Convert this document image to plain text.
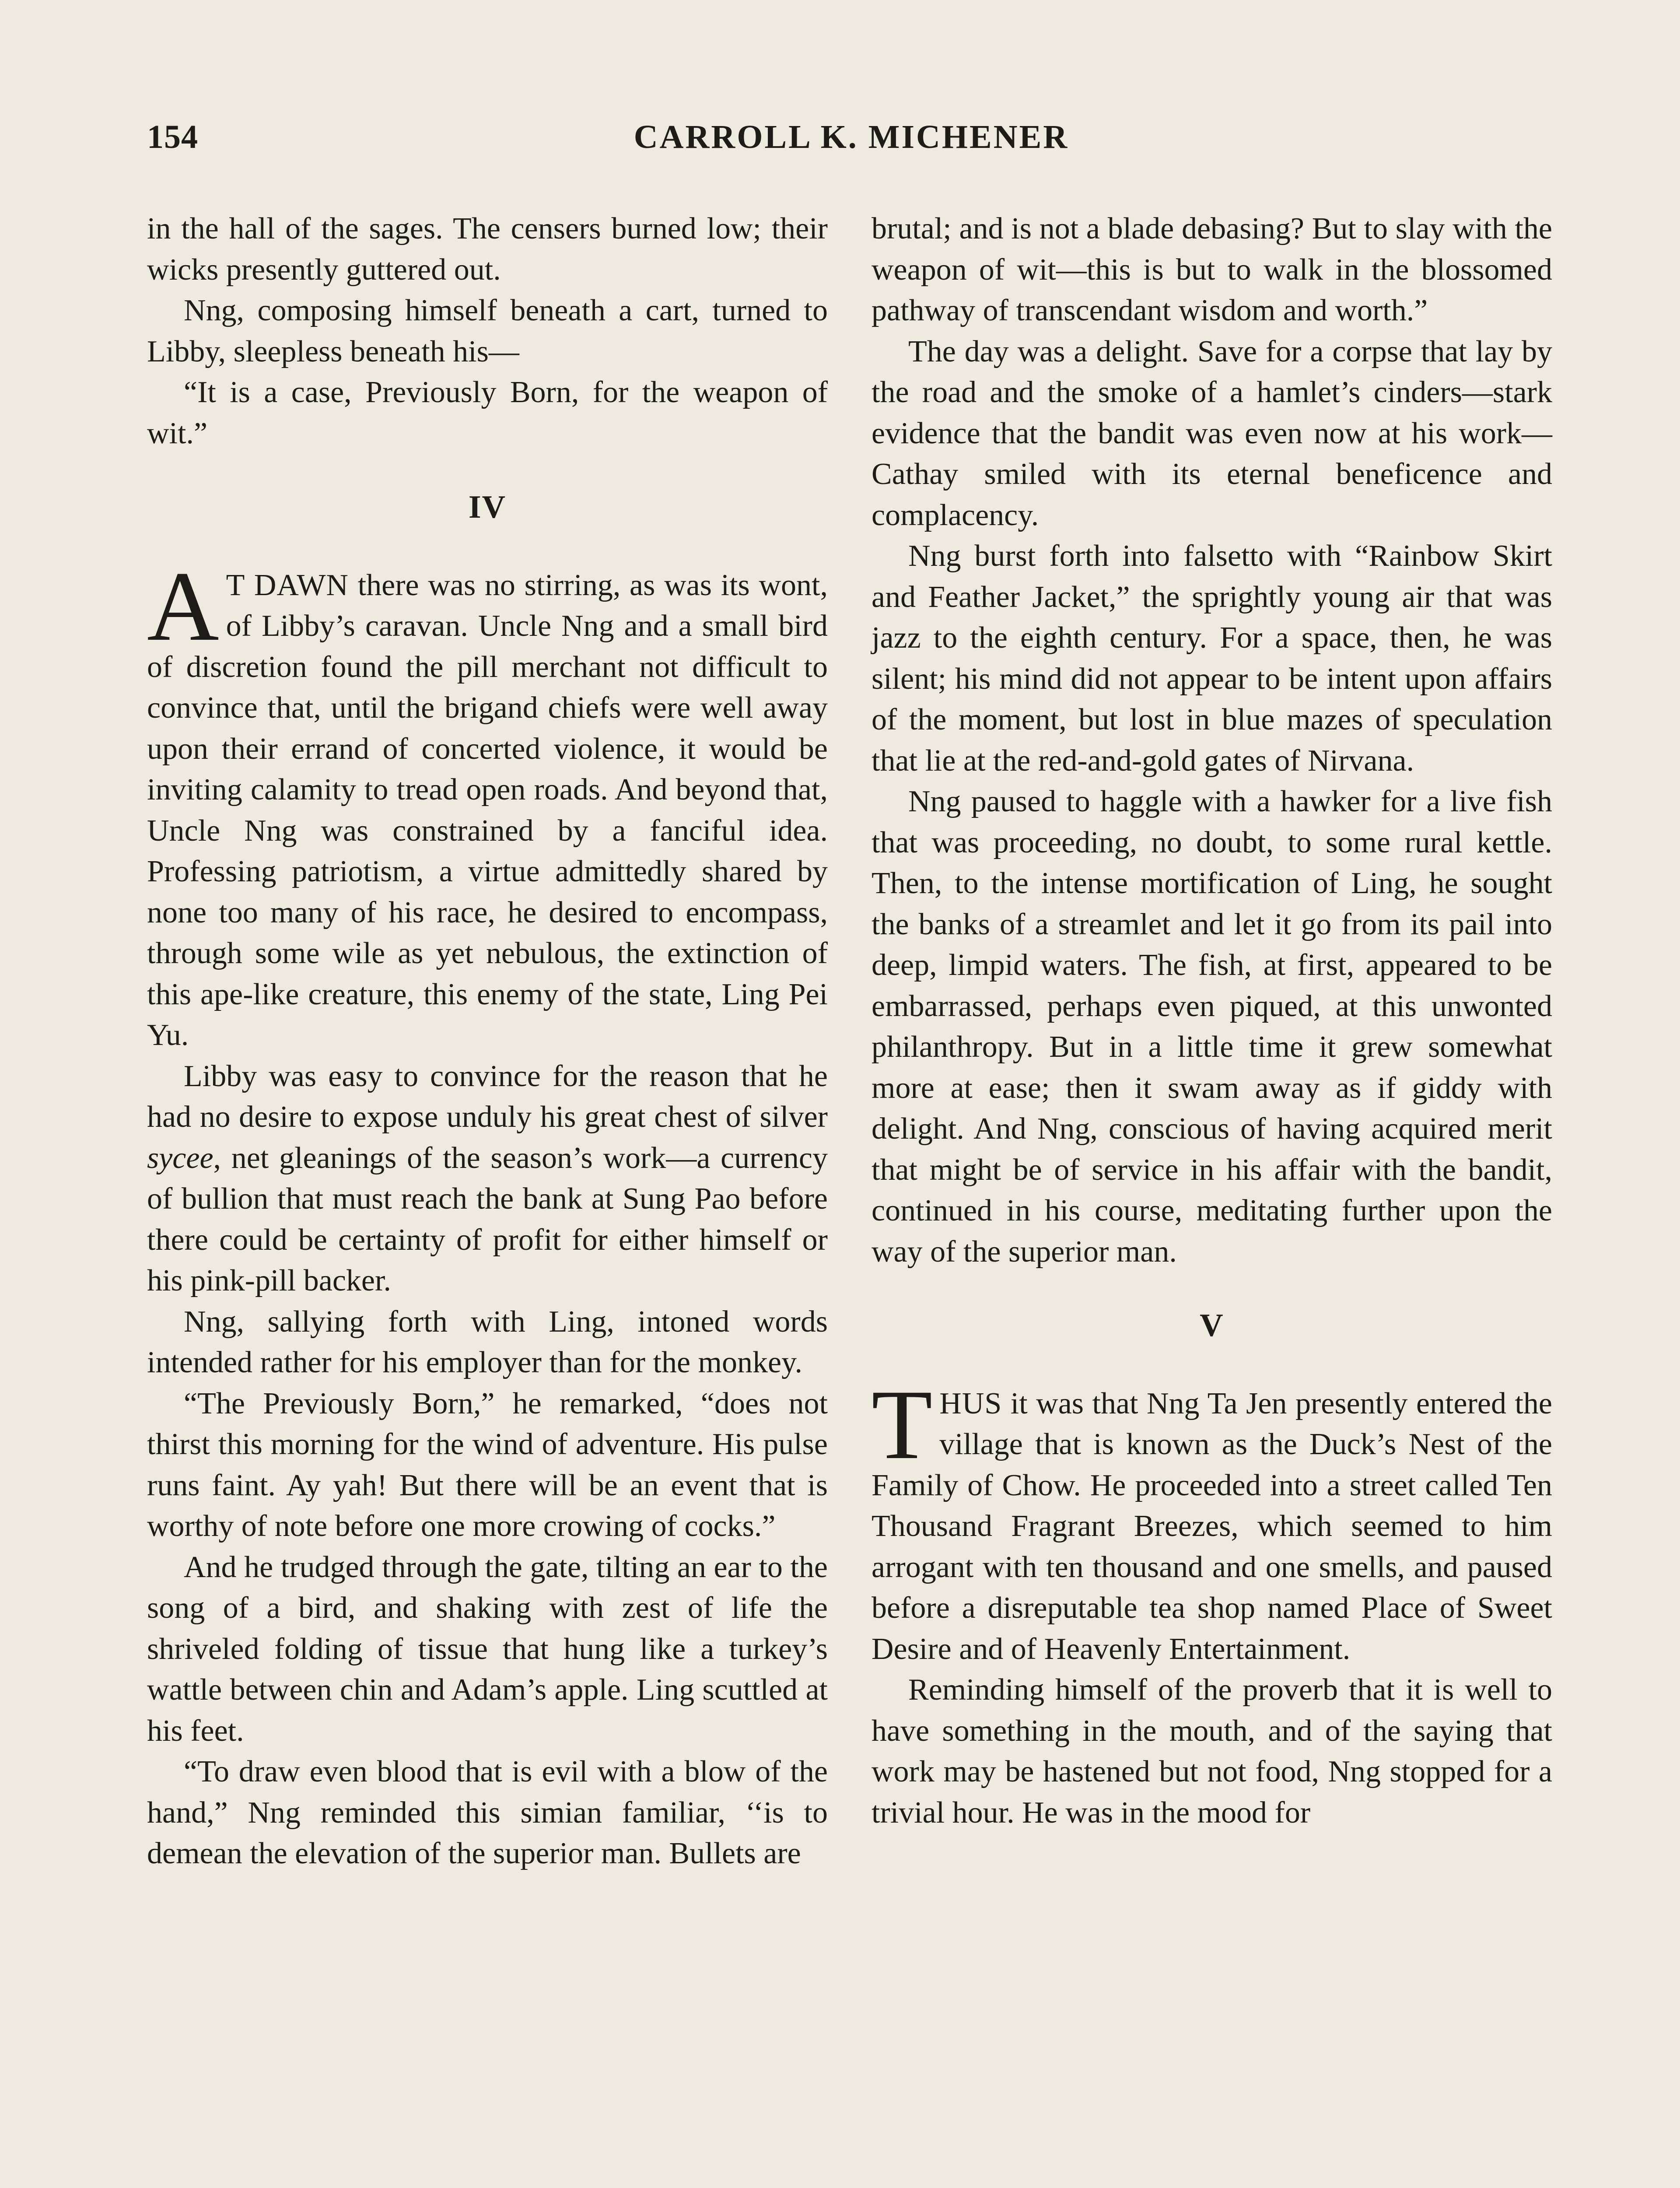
154	CARROLL K. MICHENER

in the hall of the sages. The censers burned low; their wicks presently guttered out.

Nng, composing himself beneath a cart, turned to Libby, sleepless beneath his—

“It is a case, Previously Born, for the weapon of wit.”

IV

A T DAWN there was no stirring, as was its wont, of Libby’s caravan. Uncle Nng and a small bird of discretion found the pill merchant not difficult to convince that, until the brigand chiefs were well away upon their errand of concerted violence, it would be inviting calamity to tread open roads. And beyond that, Uncle Nng was constrained by a fanciful idea. Professing patriotism, a virtue admittedly shared by none too many of his race, he desired to encompass, through some wile as yet nebulous, the extinction of this ape-like creature, this enemy of the state, Ling Pei Yu.

Libby was easy to convince for the reason that he had no desire to expose unduly his great chest of silver sycee, net gleanings of the season’s work—a currency of bullion that must reach the bank at Sung Pao before there could be certainty of profit for either himself or his pink-pill backer.

Nng, sallying forth with Ling, intoned words intended rather for his employer than for the monkey.

“The Previously Born,” he remarked, “does not thirst this morning for the wind of adventure. His pulse runs faint. Ay yah! But there will be an event that is worthy of note before one more crowing of cocks.”

And he trudged through the gate, tilting an ear to the song of a bird, and shaking with zest of life the shriveled folding of tissue that hung like a turkey’s wattle between chin and Adam’s apple. Ling scuttled at his feet.

“To draw even blood that is evil with a blow of the hand,” Nng reminded this simian familiar, ‘‘is to demean the elevation of the superior man. Bullets are

brutal; and is not a blade debasing? But to slay with the weapon of wit—this is but to walk in the blossomed pathway of transcendant wisdom and worth.”

The day was a delight. Save for a corpse that lay by the road and the smoke of a hamlet’s cinders—stark evidence that the bandit was even now at his work—Cathay smiled with its eternal beneficence and complacency.

Nng burst forth into falsetto with “Rainbow Skirt and Feather Jacket,” the sprightly young air that was jazz to the eighth century. For a space, then, he was silent; his mind did not appear to be intent upon affairs of the moment, but lost in blue mazes of speculation that lie at the red-and-gold gates of Nirvana.

Nng paused to haggle with a hawker for a live fish that was proceeding, no doubt, to some rural kettle. Then, to the intense mortification of Ling, he sought the banks of a streamlet and let it go from its pail into deep, limpid waters. The fish, at first, appeared to be embarrassed, perhaps even piqued, at this unwonted philanthropy. But in a little time it grew somewhat more at ease; then it swam away as if giddy with delight. And Nng, conscious of having acquired merit that might be of service in his affair with the bandit, continued in his course, meditating further upon the way of the superior man.

V

THUS it was that Nng Ta Jen presently entered the village that is known as the Duck’s Nest of the Family of Chow. He proceeded into a street called Ten Thousand Fragrant Breezes, which seemed to him arrogant with ten thousand and one smells, and paused before a disreputable tea shop named Place of Sweet Desire and of Heavenly Entertainment.

Reminding himself of the proverb that it is well to have something in the mouth, and of the saying that work may be hastened but not food, Nng stopped for a trivial hour. He was in the mood for
